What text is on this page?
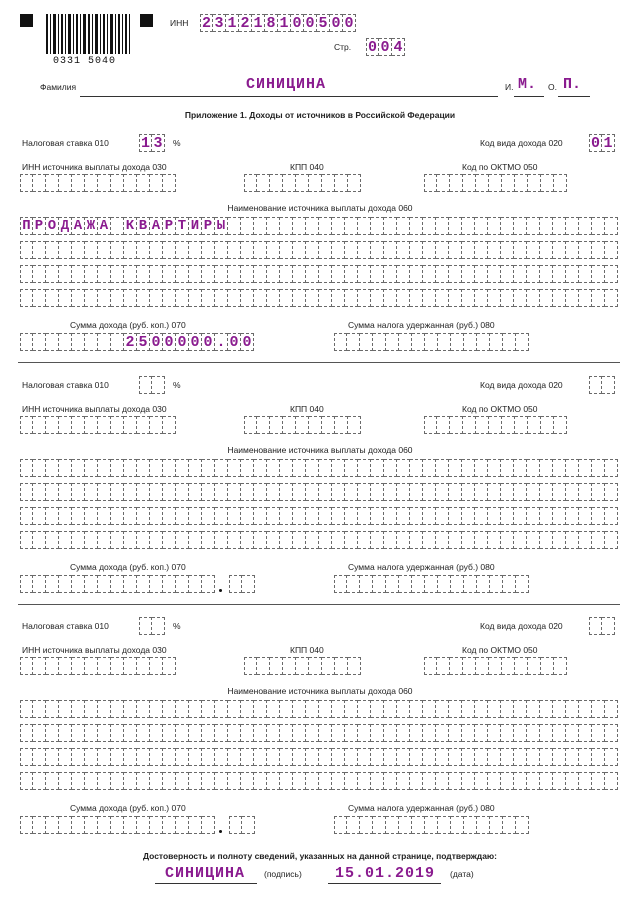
0331 5040
ИНН 2 3 1 2 1 8 1 0 0 5 0 0
Стр. 0 0 4
Фамилия	СИНИЦИНА	И. М. О. П.
Приложение 1. Доходы от источников в Российской Федерации
Налоговая ставка 010 1 3 %	Код вида дохода 020 0 1
ИНН источника выплаты дохода 030	КПП 040	Код по ОКТМО 050
Наименование источника выплаты дохода 060
П Р О Д А Ж А К В А Р Т И Р Ы
Сумма дохода (руб. коп.) 070	Сумма налога удержанная (руб.) 080
2 5 0 0 0 0 0 . 0 0
Налоговая ставка 010	%	Код вида дохода 020
ИНН источника выплаты дохода 030	КПП 040	Код по ОКТМО 050
Наименование источника выплаты дохода 060
Сумма дохода (руб. коп.) 070	Сумма налога удержанная (руб.) 080
Налоговая ставка 010	%	Код вида дохода 020
ИНН источника выплаты дохода 030	КПП 040	Код по ОКТМО 050
Наименование источника выплаты дохода 060
Сумма дохода (руб. коп.) 070	Сумма налога удержанная (руб.) 080
Достоверность и полноту сведений, указанных на данной странице, подтверждаю:
СИНИЦИНА (подпись) 15.01.2019 (дата)
